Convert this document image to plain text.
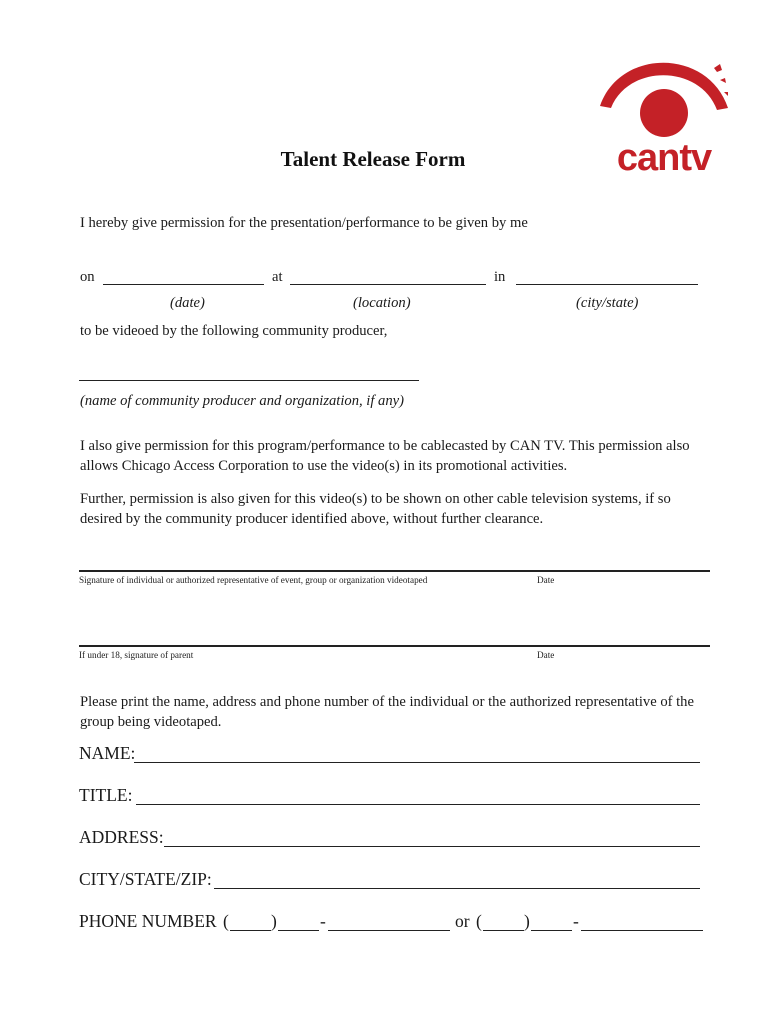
cantv
Talent Release Form
I hereby give permission for the presentation/performance to be given by me
on	at	in
(date)	(location)	(city/state)
to be videoed by the following community producer,
(name of community producer and organization, if any)
I also give permission for this program/performance to be cablecasted by CAN TV. This permission also allows Chicago Access Corporation to use the video(s) in its promotional activities.
Further, permission is also given for this video(s) to be shown on other cable television systems, if so desired by the community producer identified above, without further clearance.
Signature of individual or authorized representative of event, group or organization videotaped	Date
If under 18, signature of parent	Date
Please print the name, address and phone number of the individual or the authorized representative of the group being videotaped.
NAME:
TITLE:
ADDRESS:
CITY/STATE/ZIP:
PHONE NUMBER ( ) -	or ( ) -
